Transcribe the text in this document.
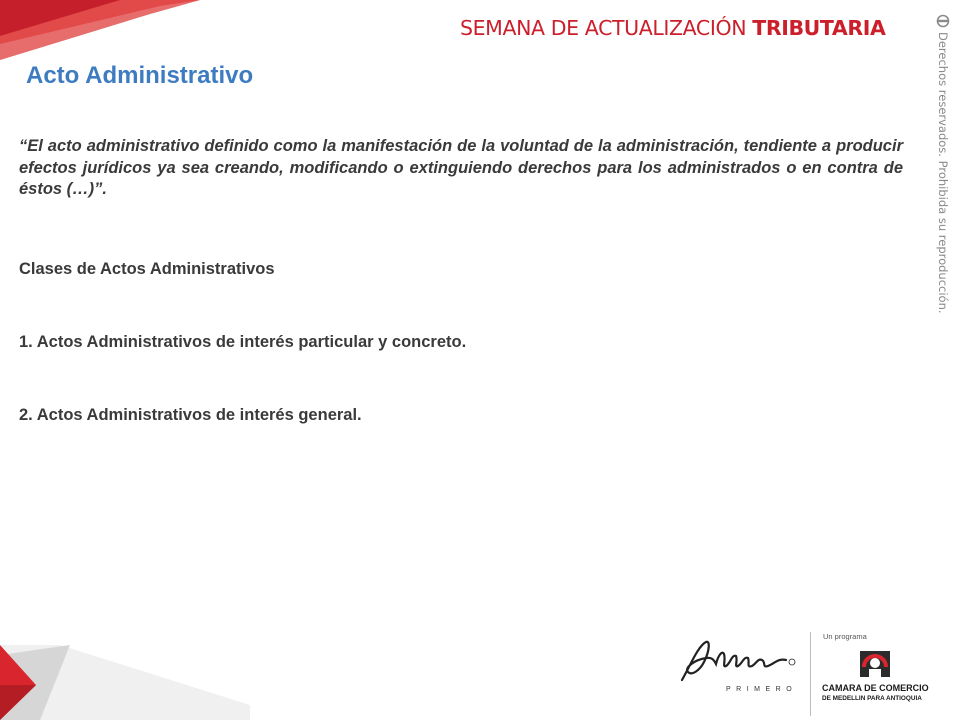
SEMANA DE ACTUALIZACIÓN TRIBUTARIA
Derechos reservados. Prohibida su reproducción.
Acto Administrativo

“El acto administrativo definido como la manifestación de la voluntad de la administración, tendiente a producir efectos jurídicos ya sea creando, modificando o extinguiendo derechos para los administrados o en contra de éstos (…)”.

Clases de Actos Administrativos

1. Actos Administrativos de interés particular y concreto.

2. Actos Administrativos de interés general.

PRIMERO
Un programa
CAMARA DE COMERCIO
DE MEDELLIN PARA ANTIOQUIA
